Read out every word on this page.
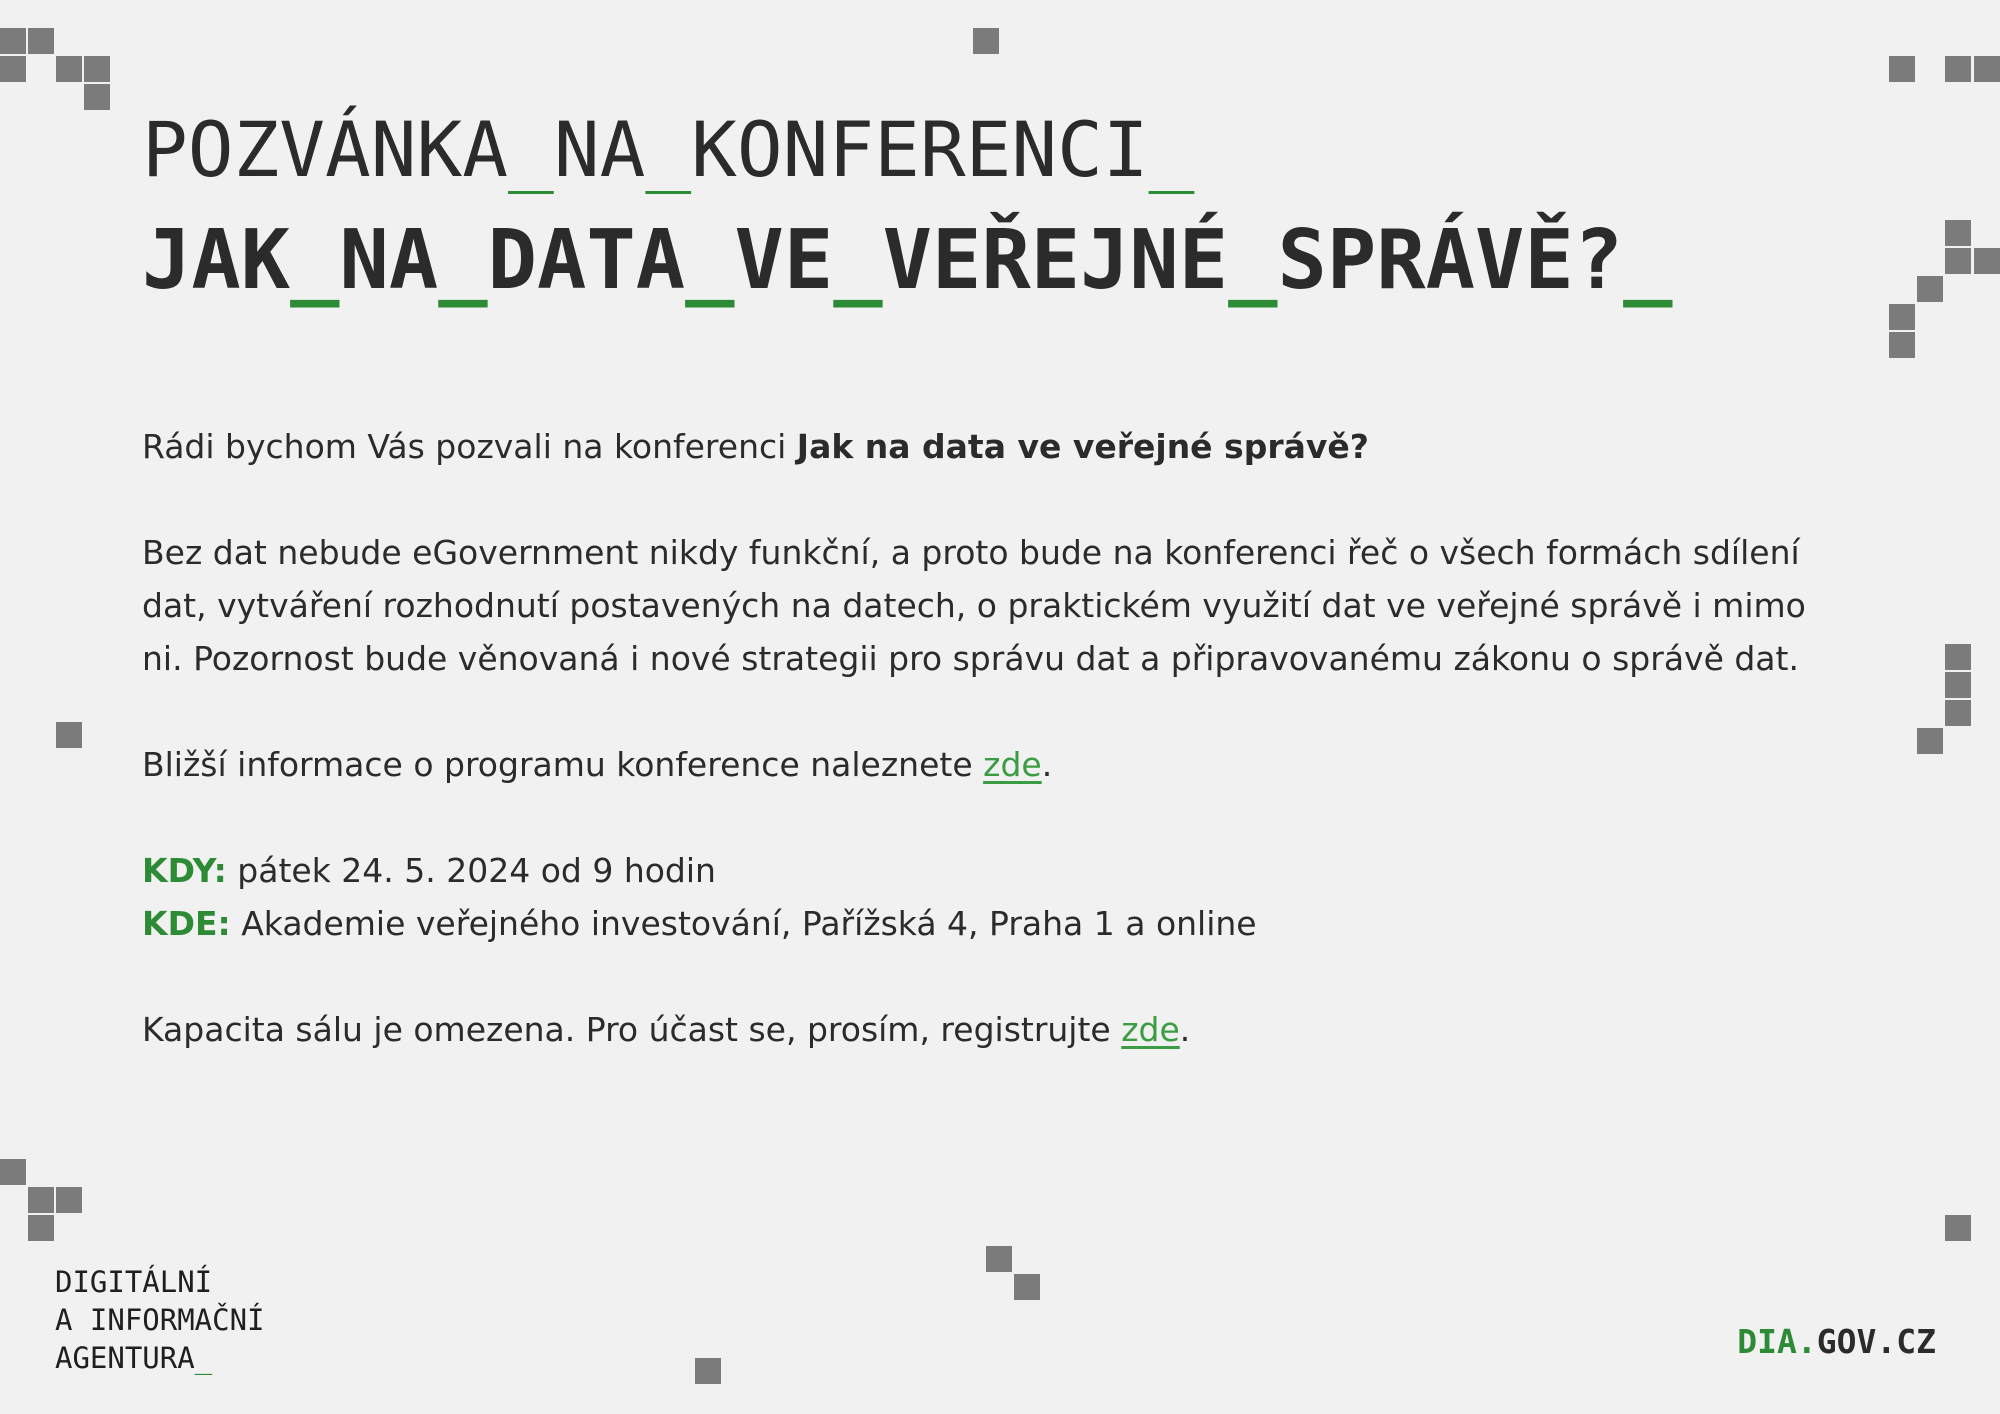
POZVÁNKA_NA_KONFERENCI_
JAK_NA_DATA_VE_VEŘEJNÉ_SPRÁVĚ?_

Rádi bychom Vás pozvali na konferenci Jak na data ve veřejné správě?

Bez dat nebude eGovernment nikdy funkční, a proto bude na konferenci řeč o všech formách sdílení dat, vytváření rozhodnutí postavených na datech, o praktickém využití dat ve veřejné správě i mimo ni. Pozornost bude věnovaná i nové strategii pro správu dat a připravovanému zákonu o správě dat.

Bližší informace o programu konference naleznete zde.

KDY: pátek 24. 5. 2024 od 9 hodin

KDE: Akademie veřejného investování, Pařížská 4, Praha 1 a online

Kapacita sálu je omezena. Pro účast se, prosím, registrujte zde.

DIGITÁLNÍ
A INFORMAČNÍ
AGENTURA_	DIA.GOV.CZ
